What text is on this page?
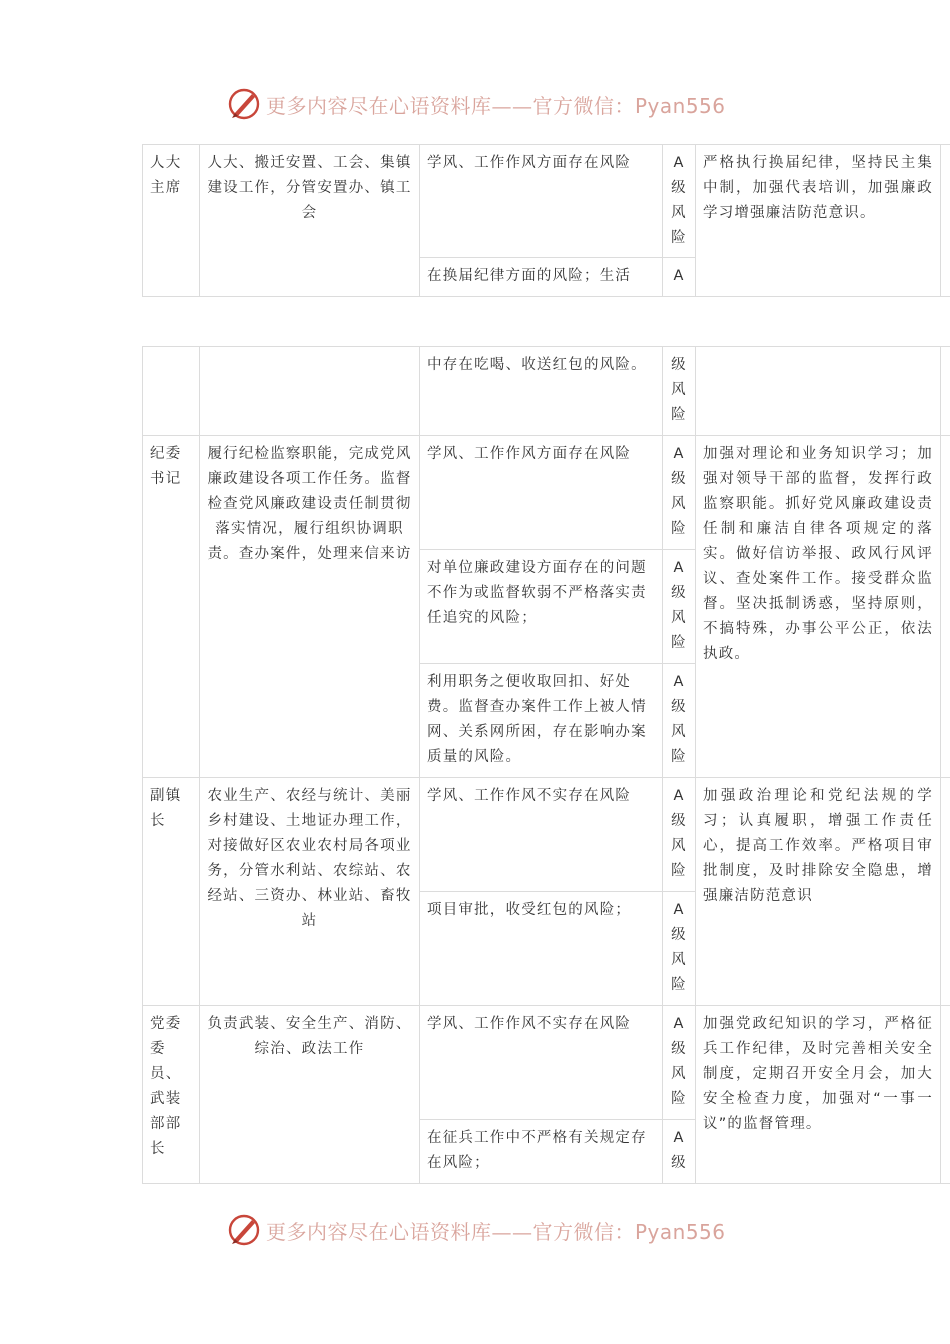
更多内容尽在心语资料库——官方微信：Pyan556
人大主席	人大、搬迁安置、工会、集镇建设工作，分管安置办、镇工会	学风、工作作风方面存在风险	A级风险	严格执行换届纪律，坚持民主集中制，加强代表培训，加强廉政学习增强廉洁防范意识。	
		在换届纪律方面的风险；生活	A		
		中存在吃喝、收送红包的风险。	级风险		
纪委书记	履行纪检监察职能，完成党风廉政建设各项工作任务。监督检查党风廉政建设责任制贯彻落实情况，履行组织协调职责。查办案件，处理来信来访	学风、工作作风方面存在风险	A级风险	加强对理论和业务知识学习；加强对领导干部的监督，发挥行政监察职能。抓好党风廉政建设责任制和廉洁自律各项规定的落实。做好信访举报、政风行风评议、查处案件工作。接受群众监督。坚决抵制诱惑，坚持原则，不搞特殊，办事公平公正，依法执政。	
		对单位廉政建设方面存在的问题不作为或监督软弱不严格落实责任追究的风险；	A级风险		
		利用职务之便收取回扣、好处费。监督查办案件工作上被人情网、关系网所困，存在影响办案质量的风险。	A级风险		
副镇长	农业生产、农经与统计、美丽乡村建设、土地证办理工作，对接做好区农业农村局各项业务，分管水利站、农综站、农经站、三资办、林业站、畜牧站	学风、工作作风不实存在风险	A级风险	加强政治理论和党纪法规的学习；认真履职，增强工作责任心，提高工作效率。严格项目审批制度，及时排除安全隐患，增强廉洁防范意识	
		项目审批，收受红包的风险；	A级风险		
党委委员、武装部部长	负责武装、安全生产、消防、综治、政法工作	学风、工作作风不实存在风险	A级风险	加强党政纪知识的学习，严格征兵工作纪律，及时完善相关安全制度，定期召开安全月会，加大安全检查力度，加强对“一事一议”的监督管理。	
		在征兵工作中不严格有关规定存在风险；	A级		
更多内容尽在心语资料库——官方微信：Pyan556
